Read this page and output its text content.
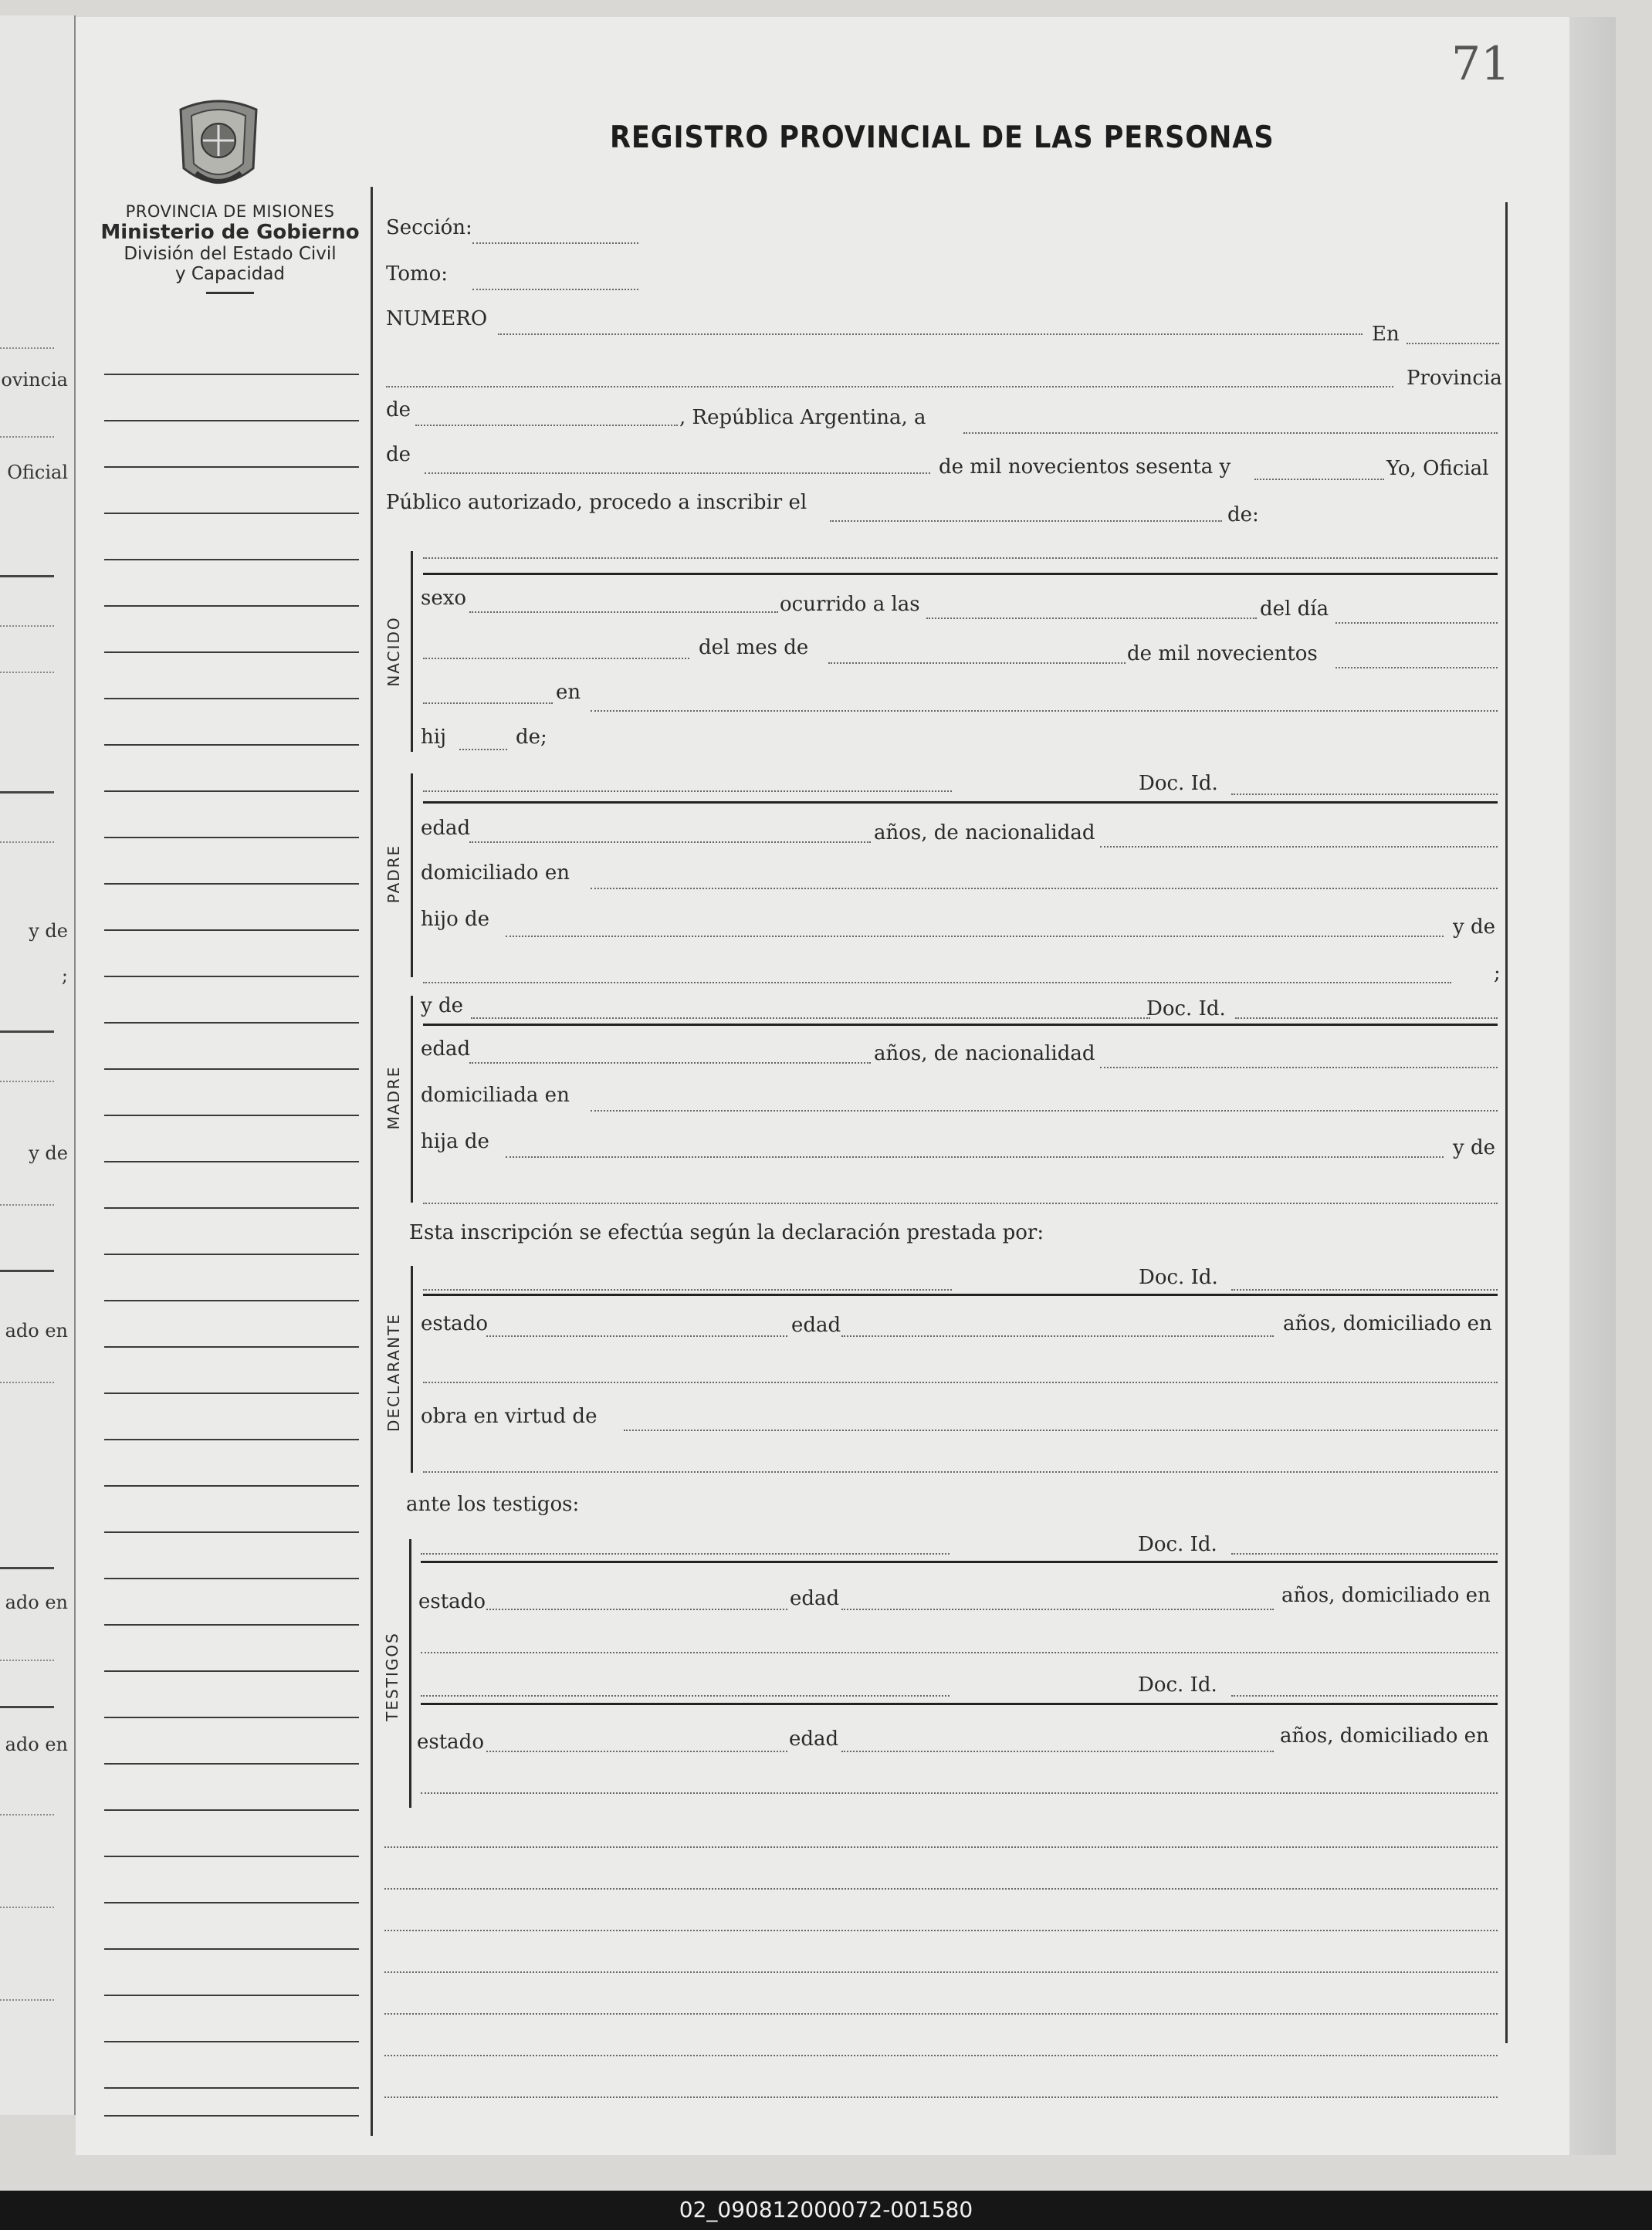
ovincia
Oficial
y de
;
y de
ado en
ado en
ado en
71
REGISTRO PROVINCIAL DE LAS PERSONAS
PROVINCIA DE MISIONES
Ministerio de Gobierno
División del Estado Civil
y Capacidad
Sección:
Tomo:
NUMERO
En
Provincia
de	, República Argentina, a
de
de mil novecientos sesenta y	Yo, Oficial
Público autorizado, procedo a inscribir el
de:
NACIDO
sexo	ocurrido a las	del día
del mes de	de mil novecientos
en
hij	de;
PADRE
Doc. Id.
edad	años, de nacionalidad
domiciliado en
hijo de	y de
;
MADRE
y de	Doc. Id.
edad	años, de nacionalidad
domiciliada en
hija de	y de
Esta inscripción se efectúa según la declaración prestada por:
DECLARANTE
Doc. Id.
estado	edad	años, domiciliado en
obra en virtud de
ante los testigos:
TESTIGOS
Doc. Id.
estado	edad	años, domiciliado en
Doc. Id.
estado	edad	años, domiciliado en
02_090812000072-001580
